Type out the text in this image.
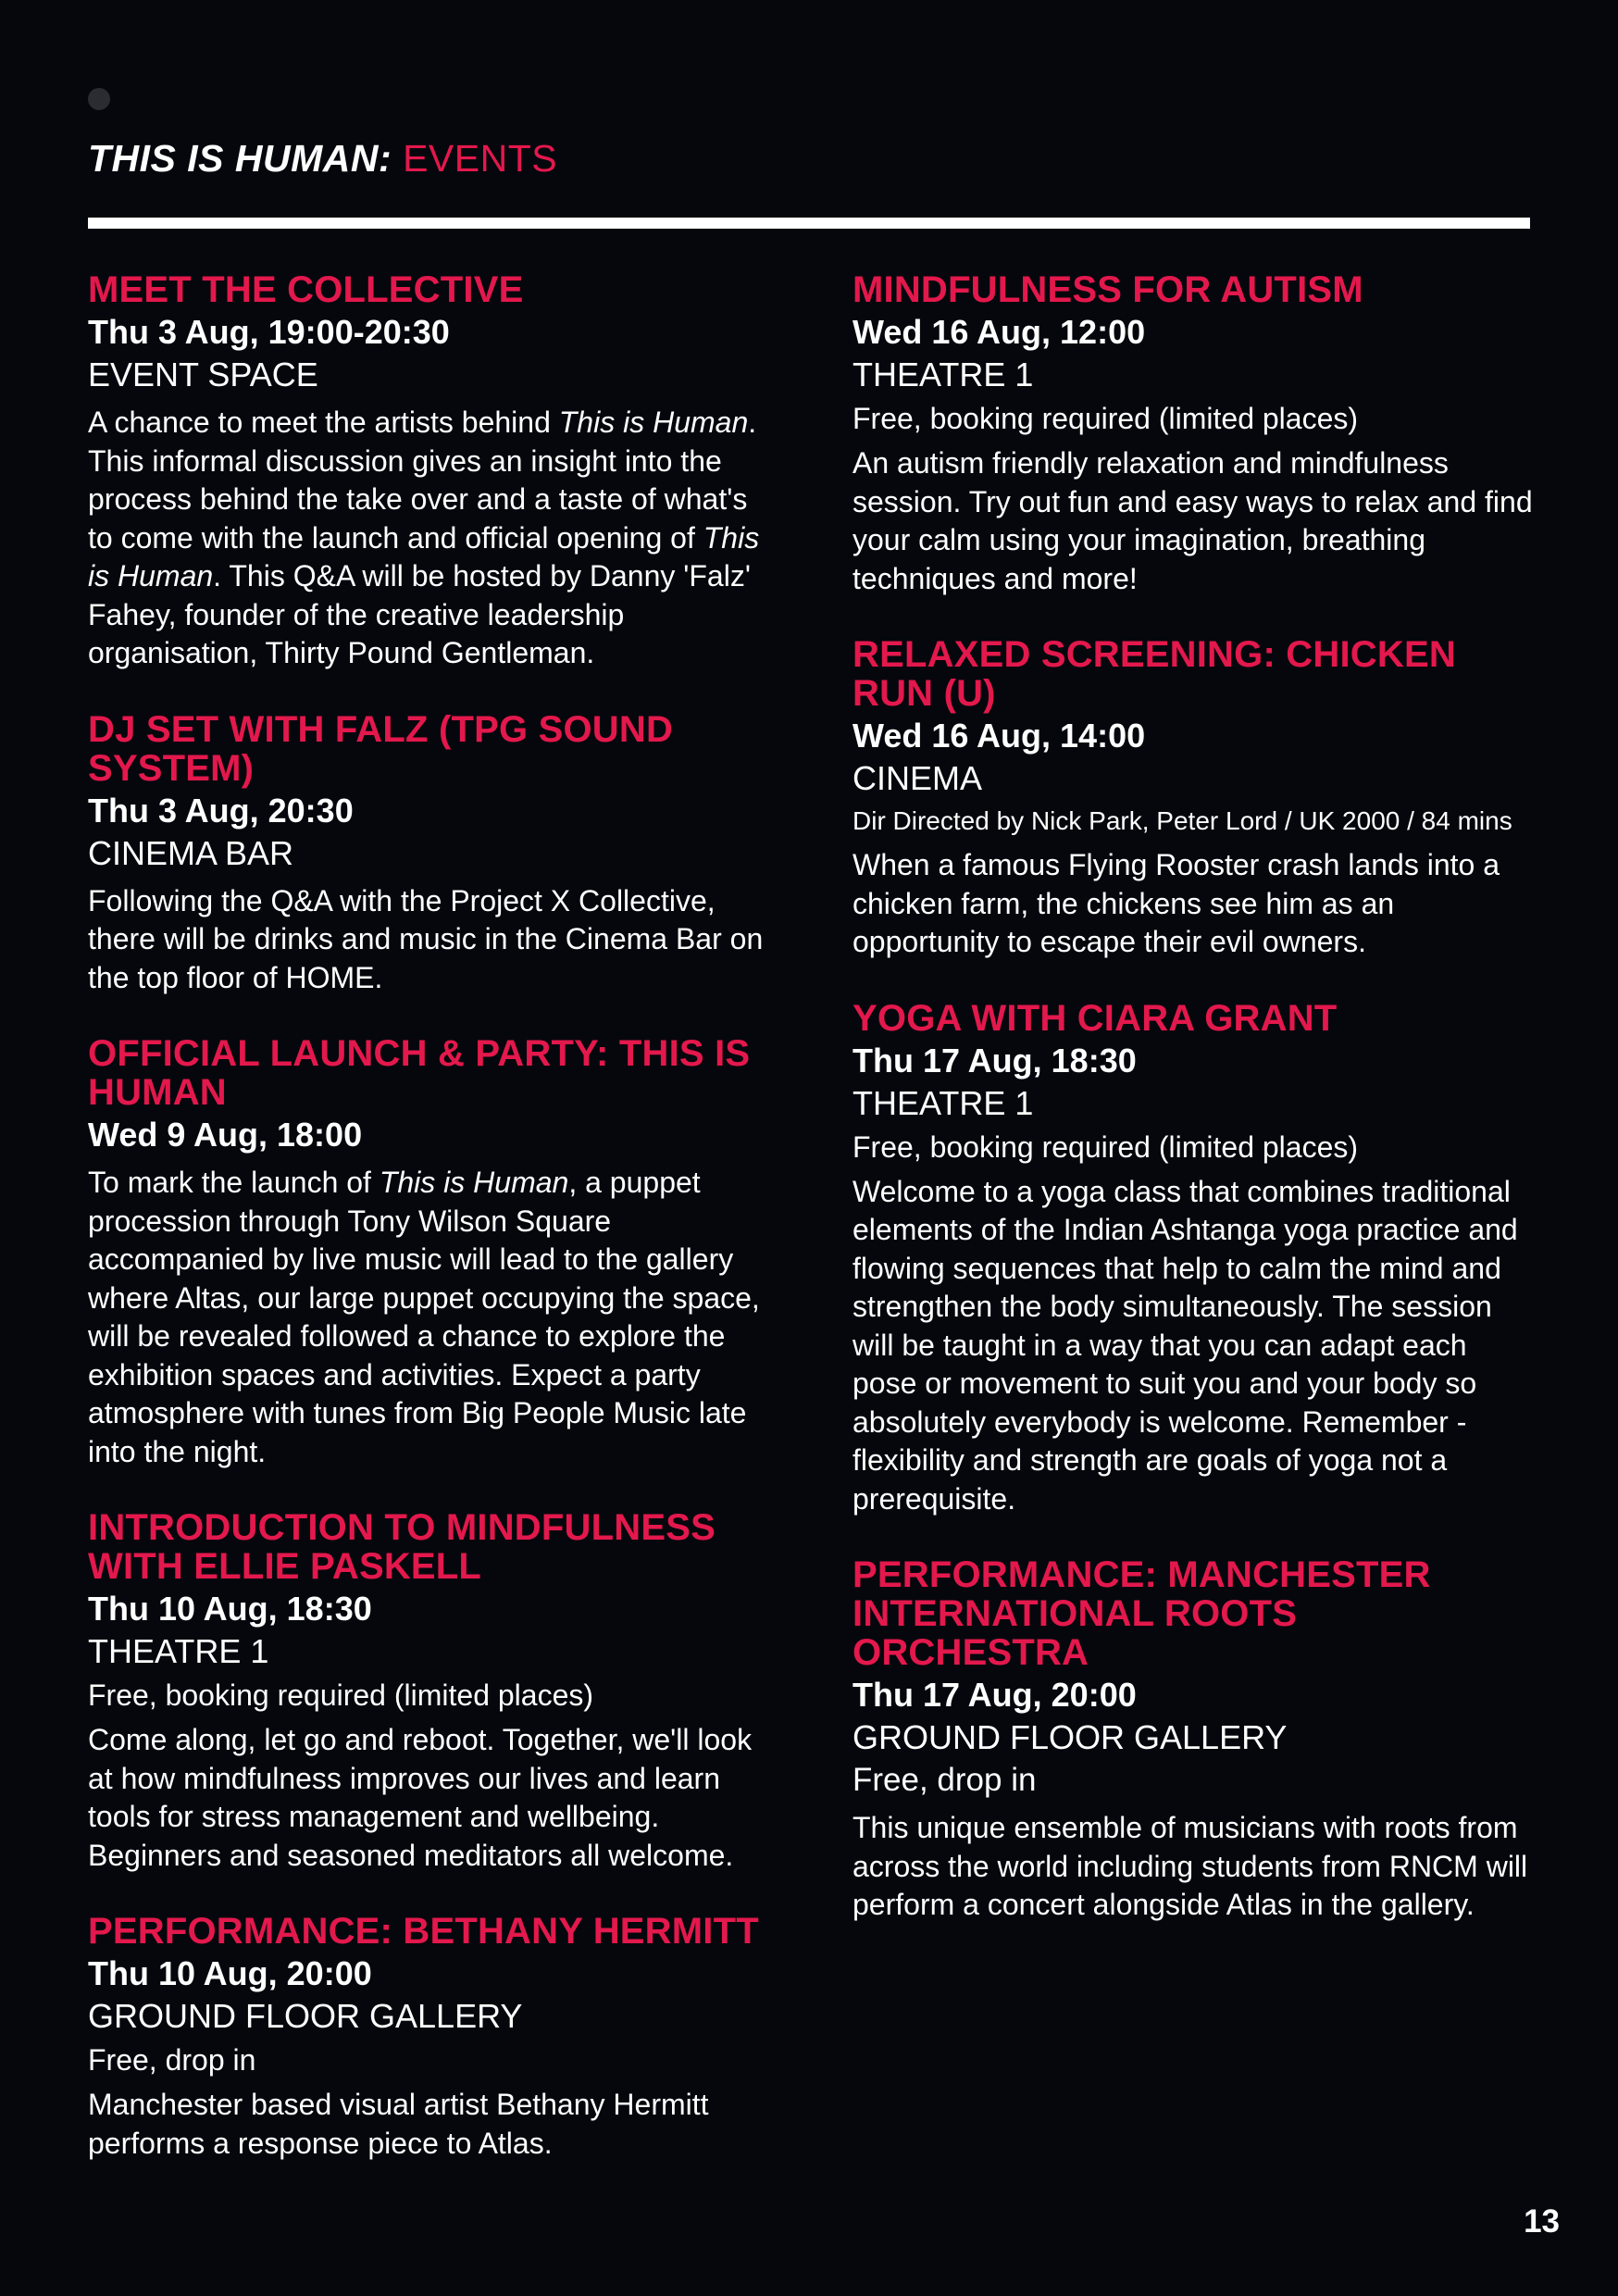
THIS IS HUMAN: EVENTS
MEET THE COLLECTIVE
Thu 3 Aug, 19:00-20:30
EVENT SPACE
A chance to meet the artists behind This is Human. This informal discussion gives an insight into the process behind the take over and a taste of what's to come with the launch and official opening of This is Human. This Q&A will be hosted by Danny 'Falz' Fahey, founder of the creative leadership organisation, Thirty Pound Gentleman.
DJ SET WITH FALZ (TPG SOUND SYSTEM)
Thu 3 Aug, 20:30
CINEMA BAR
Following the Q&A with the Project X Collective, there will be drinks and music in the Cinema Bar on the top floor of HOME.
OFFICIAL LAUNCH & PARTY: THIS IS HUMAN
Wed 9 Aug, 18:00
To mark the launch of This is Human, a puppet procession through Tony Wilson Square accompanied by live music will lead to the gallery where Altas, our large puppet occupying the space, will be revealed followed a chance to explore the exhibition spaces and activities. Expect a party atmosphere with tunes from Big People Music late into the night.
INTRODUCTION TO MINDFULNESS WITH ELLIE PASKELL
Thu 10 Aug, 18:30
THEATRE 1
Free, booking required (limited places)
Come along, let go and reboot. Together, we'll look at how mindfulness improves our lives and learn tools for stress management and wellbeing. Beginners and seasoned meditators all welcome.
PERFORMANCE: BETHANY HERMITT
Thu 10 Aug, 20:00
GROUND FLOOR GALLERY
Free, drop in
Manchester based visual artist Bethany Hermitt performs a response piece to Atlas.
MINDFULNESS FOR AUTISM
Wed 16 Aug, 12:00
THEATRE 1
Free, booking required (limited places)
An autism friendly relaxation and mindfulness session. Try out fun and easy ways to relax and find your calm using your imagination, breathing techniques and more!
RELAXED SCREENING: CHICKEN RUN (U)
Wed 16 Aug, 14:00
CINEMA
Dir Directed by Nick Park, Peter Lord / UK 2000 / 84 mins
When a famous Flying Rooster crash lands into a chicken farm, the chickens see him as an opportunity to escape their evil owners.
YOGA WITH CIARA GRANT
Thu 17 Aug, 18:30
THEATRE 1
Free, booking required (limited places)
Welcome to a yoga class that combines traditional elements of the Indian Ashtanga yoga practice and flowing sequences that help to calm the mind and strengthen the body simultaneously. The session will be taught in a way that you can adapt each pose or movement to suit you and your body so absolutely everybody is welcome. Remember - flexibility and strength are goals of yoga not a prerequisite.
PERFORMANCE: MANCHESTER INTERNATIONAL ROOTS ORCHESTRA
Thu 17 Aug, 20:00
GROUND FLOOR GALLERY
Free, drop in
This unique ensemble of musicians with roots from across the world including students from RNCM will perform a concert alongside Atlas in the gallery.
13
